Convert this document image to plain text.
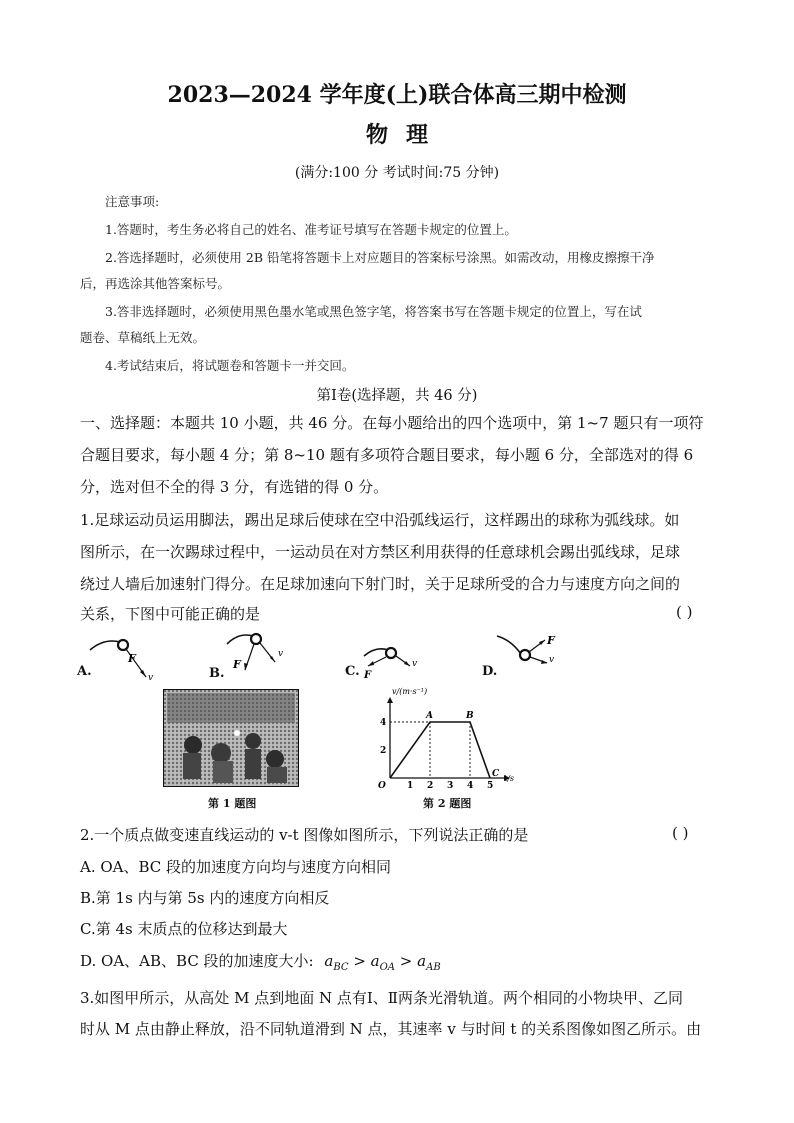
2023—2024 学年度(上)联合体高三期中检测
物理
(满分:100 分 考试时间:75 分钟)
注意事项:
1.答题时，考生务必将自己的姓名、准考证号填写在答题卡规定的位置上。
2.答选择题时，必须使用 2B 铅笔将答题卡上对应题目的答案标号涂黑。如需改动，用橡皮擦擦干净
后，再选涂其他答案标号。
3.答非选择题时，必须使用黑色墨水笔或黑色签字笔，将答案书写在答题卡规定的位置上，写在试
题卷、草稿纸上无效。
4.考试结束后，将试题卷和答题卡一并交回。
第Ⅰ卷(选择题，共 46 分)
一、选择题：本题共 10 小题，共 46 分。在每小题给出的四个选项中，第 1~7 题只有一项符
合题目要求，每小题 4 分；第 8~10 题有多项符合题目要求，每小题 6 分，全部选对的得 6
分，选对但不全的得 3 分，有选错的得 0 分。
1.足球运动员运用脚法，踢出足球后使球在空中沿弧线运行，这样踢出的球称为弧线球。如
图所示，在一次踢球过程中，一运动员在对方禁区利用获得的任意球机会踢出弧线球，足球
绕过人墙后加速射门得分。在足球加速向下射门时，关于足球所受的合力与速度方向之间的
关系，下图中可能正确的是	( )
A.
F
v	B.
F
v
C. F
v	D.
F
v
第 1 题图
v/(m·s⁻¹)
t/s
1 2 3 4 5
2
4
O
A	B
C
第 2 题图
2.一个质点做变速直线运动的 v-t 图像如图所示，下列说法正确的是	( )
A. OA、BC 段的加速度方向均与速度方向相同
B.第 1s 内与第 5s 内的速度方向相反
C.第 4s 末质点的位移达到最大
D. OA、AB、BC 段的加速度大小: $a_{BC} > a_{OA} > a_{AB}$
3.如图甲所示，从高处 M 点到地面 N 点有Ⅰ、Ⅱ两条光滑轨道。两个相同的小物块甲、乙同
时从 M 点由静止释放，沿不同轨道滑到 N 点，其速率 v 与时间 t 的关系图像如图乙所示。由
